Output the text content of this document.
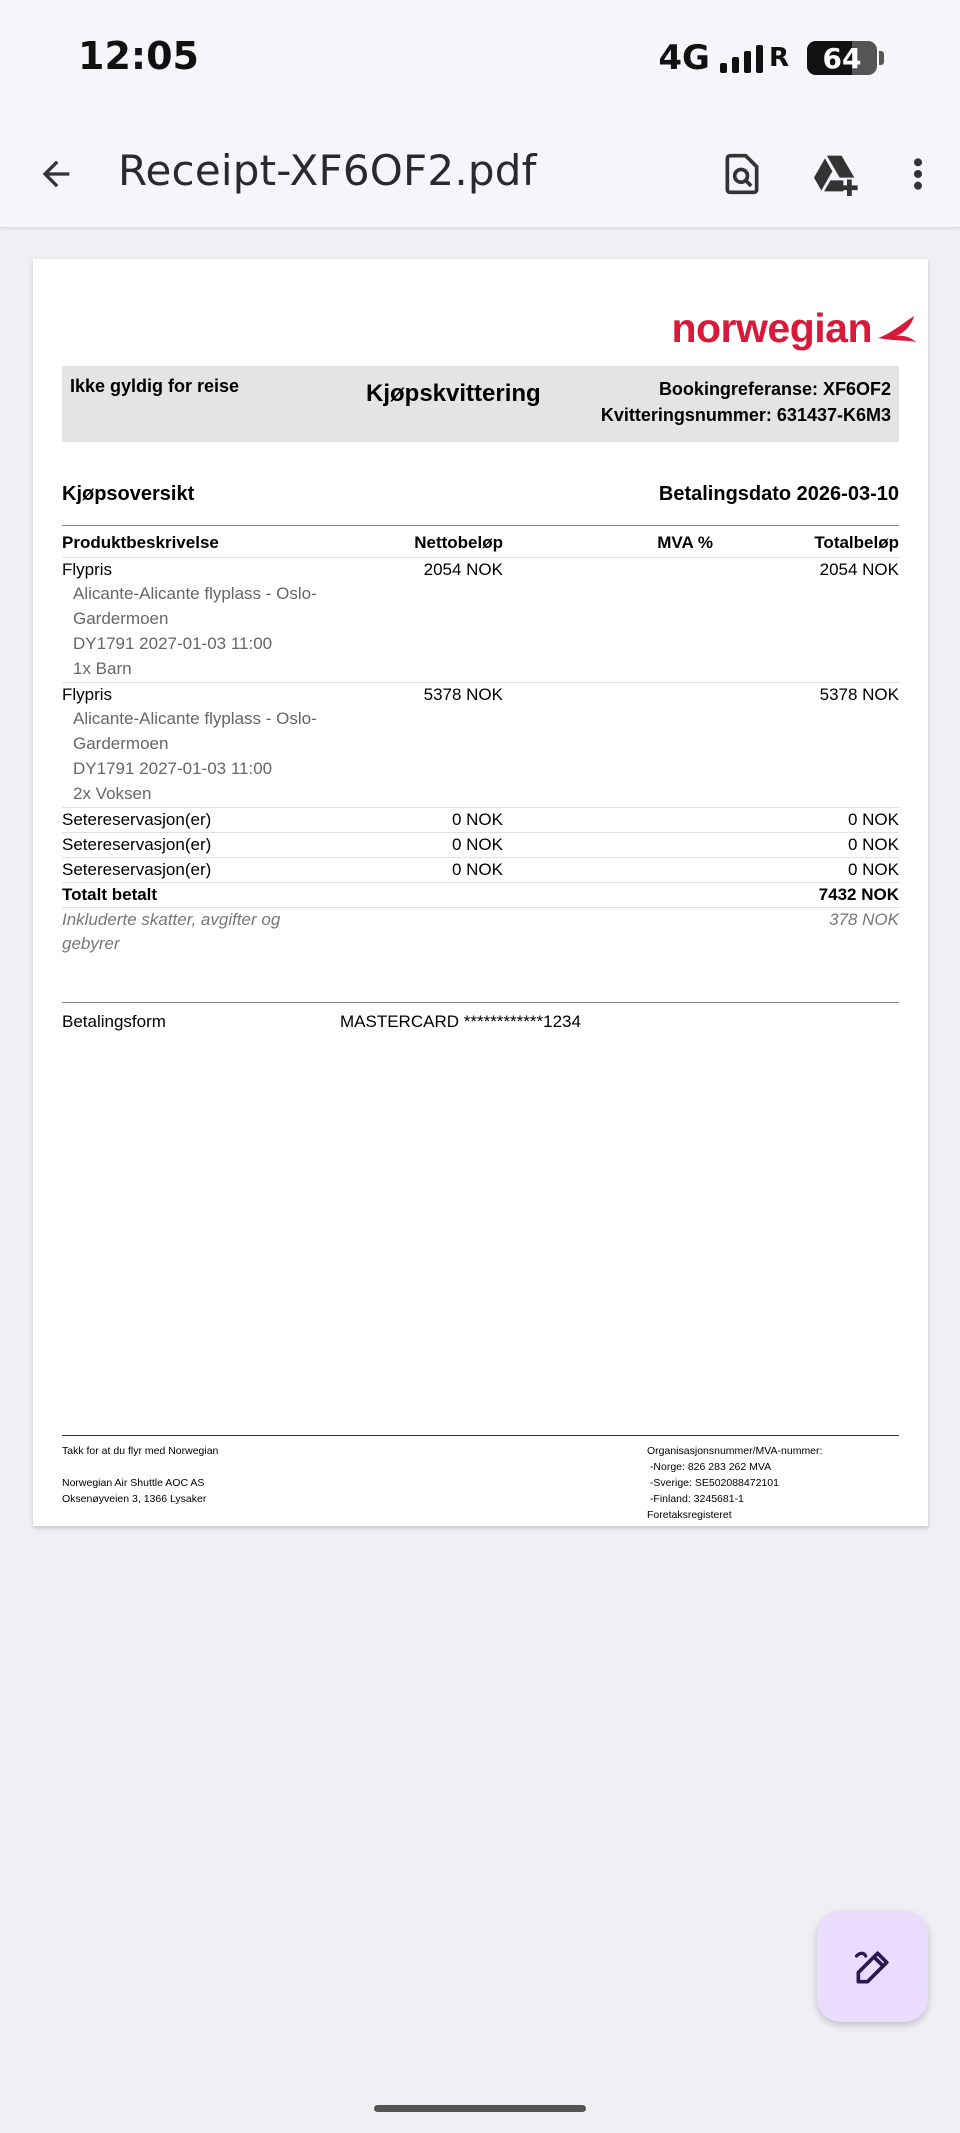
12:05	4G R	64
Receipt-XF6OF2.pdf
norwegian
Ikke gyldig for reise	Kjøpskvittering	Bookingreferanse: XF6OF2
Kvitteringsnummer: 631437-K6M3
Kjøpsoversikt	Betalingsdato 2026-03-10
Produktbeskrivelse	Nettobeløp	MVA %	Totalbeløp
Flypris	2054 NOK		2054 NOK
Alicante-Alicante flyplass - Oslo-			
Gardermoen			
DY1791 2027-01-03 11:00			
1x Barn			
Flypris	5378 NOK		5378 NOK
Alicante-Alicante flyplass - Oslo-			
Gardermoen			
DY1791 2027-01-03 11:00			
2x Voksen			
Setereservasjon(er)	0 NOK		0 NOK
Setereservasjon(er)	0 NOK		0 NOK
Setereservasjon(er)	0 NOK		0 NOK
Totalt betalt			7432 NOK
Inkluderte skatter, avgifter og
gebyrer			378 NOK
Betalingsform	MASTERCARD ************1234
Takk for at du flyr med Norwegian

Norwegian Air Shuttle AOC AS
Oksenøyveien 3, 1366 Lysaker
Organisasjonsnummer/MVA-nummer:
-Norge: 826 283 262 MVA
-Sverige: SE502088472101
-Finland: 3245681-1
Foretaksregisteret
